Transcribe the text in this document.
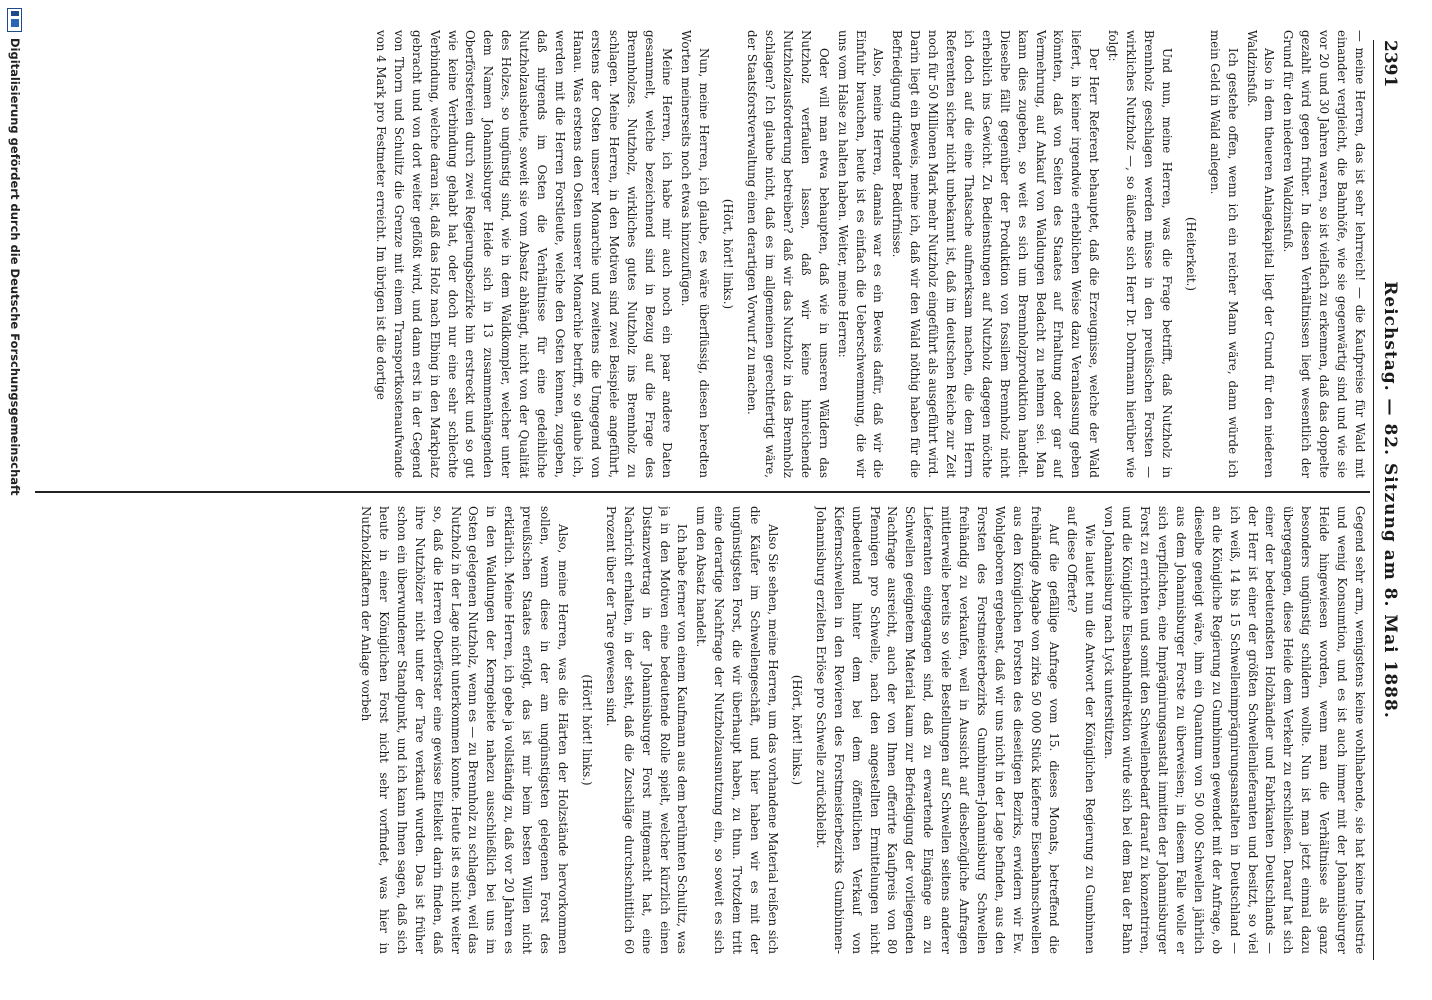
2391
Reichstag. — 82. Sitzung am 8. Mai 1888.

— meine Herren, das ist sehr lehrreich! — die Kaufpreise für Wald mit einander vergleicht, die Bahnhöfe, wie sie gegenwärtig sind und wie sie vor 20 und 30 Jahren waren, so ist vielfach zu erkennen, daß das doppelte gezahlt wird gegen früher. In diesen Verhältnissen liegt wesentlich der Grund für den niederen Waldzinsfuß.

Also in dem theueren Anlagekapital liegt der Grund für den niederen Waldzinsfuß.

Ich gestehe offen, wenn ich ein reicher Mann wäre, dann würde ich mein Geld in Wald anlegen.

(Heiterkeit.)

Und nun, meine Herren, was die Frage betrifft, daß Nutzholz in Brennholz geschlagen werden müsse in den preußischen Forsten — wirkliches Nutzholz —, so äußerte sich Herr Dr. Dohrmann hierüber wie folgt:

Der Herr Referent behauptet, daß die Erzeugnisse, welche der Wald liefert, in keiner irgendwie erheblichen Weise dazu Veranlassung geben könnten, daß von Seiten des Staates auf Erhaltung oder gar auf Vermehrung, auf Ankauf von Waldungen Bedacht zu nehmen sei. Man kann dies zugeben, so weit es sich um Brennholzproduktion handelt. Dieselbe fällt gegenüber der Produktion von fossilem Brennholz nicht erheblich ins Gewicht. Zu Bedienstungen auf Nutzholz dagegen möchte ich doch auf die eine Thatsache aufmerksam machen, die dem Herrn Referenten sicher nicht unbekannt ist, daß im deutschen Reiche zur Zeit noch für 50 Millionen Mark mehr Nutzholz eingeführt als ausgeführt wird. Darin liegt ein Beweis, meine ich, daß wir den Wald nöthig haben für die Befriedigung dringender Bedürfnisse.

Also, meine Herren, damals war es ein Beweis dafür, daß wir die Einfuhr brauchen, heute ist es einfach die Ueberschwemmung, die wir uns vom Halse zu halten haben. Weiter, meine Herren:

Oder will man etwa behaupten, daß wie in unseren Wäldern das Nutzholz verfaulen lassen, daß wir keine hinreichende Nutzholzausforderung betreiben? daß wir das Nutzholz in das Brennholz schlagen? Ich glaube nicht, daß es im allgemeinen gerechtfertigt wäre, der Staatsforstverwaltung einen derartigen Vorwurf zu machen.

(Hört, hört! links.)

Nun, meine Herren, ich glaube, es wäre überflüssig, diesen beredten Worten meinerseits noch etwas hinzuzufügen.

Meine Herren, ich habe mir auch noch ein paar andere Daten gesammelt, welche bezeichnend sind in Bezug auf die Frage des Brennholzes. Nutzholz, wirkliches gutes Nutzholz ins Brennholz zu schlagen. Meine Herren, in den Motiven sind zwei Beispiele angeführt, erstens der Osten unserer Monarchie und zweitens die Umgegend von Hanau. Was erstens den Osten unserer Monarchie betrifft, so glaube ich, werden mit die Herren Forstleute, welche den Osten kennen, zugeben, daß nirgends im Osten die Verhältnisse für eine gedeihliche Nutzholzausbeute, soweit sie vom Absatz abhängt, nicht von der Qualität des Holzes, so ungünstig sind, wie in dem Waldkompler, welcher unter dem Namen Johannisburger Heide sich in 13 zusammenhängenden Oberförstereien durch zwei Regierungsbezirke hin erstreckt und so gut wie keine Verbindung gehabt hat, oder doch nur eine sehr schlechte Verbindung, welche daran ist, daß das Holz nach Elbing in den Markplatz gebracht und von dort weiter geflößt wird, und dann erst in der Gegend von Thorn und Schulitz die Grenze mit einem Transportkostenaufwande von 4 Mark pro Festmeter erreicht. Im übrigen ist die dortige

Gegend sehr arm, wenigstens keine wohlhabende, sie hat keine Industrie und wenig Konsumtion, und es ist auch immer mit der Johannisburger Heide hingewiesen worden, wenn man die Verhältnisse als ganz besonders ungünstig schildern wollte. Nun ist man jetzt einmal dazu übergegangen, diese Heide dem Verkehr zu erschließen. Darauf hat sich einer der bedeutendsten Holzhändler und Fabrikanten Deutschlands — der Herr ist einer der größten Schwellenlieferanten und besitzt, so viel ich weiß, 14 bis 15 Schwellenimprägnirungsanstalten in Deutschland — an die Königliche Regierung zu Gumbinnen gewendet mit der Anfrage, ob dieselbe geneigt wäre, ihm ein Quantum von 50 000 Schwellen jährlich aus dem Johannisburger Forste zu überweisen; in diesem Falle wolle er sich verpflichten, eine Imprägnirungsanstalt inmitten der Johannisburger Forst zu errichten und somit den Schwellenbedarf darauf zu konzentriren, und die Königliche Eisenbahndirektion würde sich bei dem Bau der Bahn von Johannisburg nach Lyck unterstützen.

Wie lautet nun die Antwort der Königlichen Regierung zu Gumbinnen auf diese Offerte?

Auf die gefällige Anfrage vom 15. dieses Monats, betreffend die freihändige Abgabe von zirka 50 000 Stück kieferne Eisenbahnschwellen aus den Königlichen Forsten des dieseitigen Bezirks, erwidern wir Ew. Wohlgeboren ergebenst, daß wir uns nicht in der Lage befinden, aus den Forsten des Forstmeisterbezirks Gumbinnen-Johannisburg Schwellen freihändig zu verkaufen, weil in Aussicht auf diesbezügliche Anfragen mittlerweile bereits so viele Bestellungen auf Schwellen seitens anderer Lieferanten eingegangen sind, daß zu erwartende Eingänge an zu Schwellen geeignetem Material kaum zur Befriedigung der vorliegenden Nachfrage ausreicht, auch der von Ihnen offerirte Kaufpreis von 80 Pfennigen pro Schwelle, nach den angestellten Ermittelungen nicht unbedeutend hinter dem bei dem öffentlichen Verkauf von Kiefernschwellen in den Revieren des Forstmeisterbezirks Gumbinnen-Johannisburg erzielten Erlöse pro Schwelle zurückbleibt.

(Hört, hört! links.)

Also Sie sehen, meine Herren, um das vorhandene Material reißen sich die Käufer im Schwellengeschäft, und hier haben wir es mit der ungünstigsten Forst, die wir überhaupt haben, zu thun. Trotzdem tritt eine derartige Nachfrage der Nutzholzausnutzung ein, so soweit es sich um den Absatz handelt.

Ich habe ferner von einem Kaufmann aus dem berühmten Schulitz, was ja in den Motiven eine bedeutende Rolle spielt, welcher kürzlich einen Distanzvertrag in der Johannisburger Forst mitgemacht hat, eine Nachricht erhalten, in der steht, daß die Zuschläge durchschnittlich 60 Prozent über der Tare gewesen sind.

(Hört! hört! links.)

Also, meine Herren, was die Härten der Holzstände hervorkommen sollen, wenn diese in der am ungünstigsten gelegenen Forst des preußischen Staates erfolgt, das ist mir beim besten Willen nicht erklärlich. Meine Herren, ich gebe ja vollständig zu, daß vor 20 Jahren es in den Waldungen der Kerngebiete nahezu ausschließlich bei uns im Osten gelegenen Nutzholz, wenn es — zu Brennholz zu schlagen, weil das Nutzholz in der Lage nicht unterkommen konnte. Heute ist es nicht weiter so, daß die Herren Oberförster eine gewisse Eitelkeit darin finden, daß ihre Nutzhölzer nicht unter der Tare verkauft wurden. Das ist früher schon ein überwundener Standpunkt, und ich kann Ihnen sagen, daß sich heute in einer Königlichen Forst nicht sehr vorfindet, was hier in Nutzholzklaftern der Anlage vorbeh

Digitalisierung gefördert durch die Deutsche Forschungsgemeinschaft
